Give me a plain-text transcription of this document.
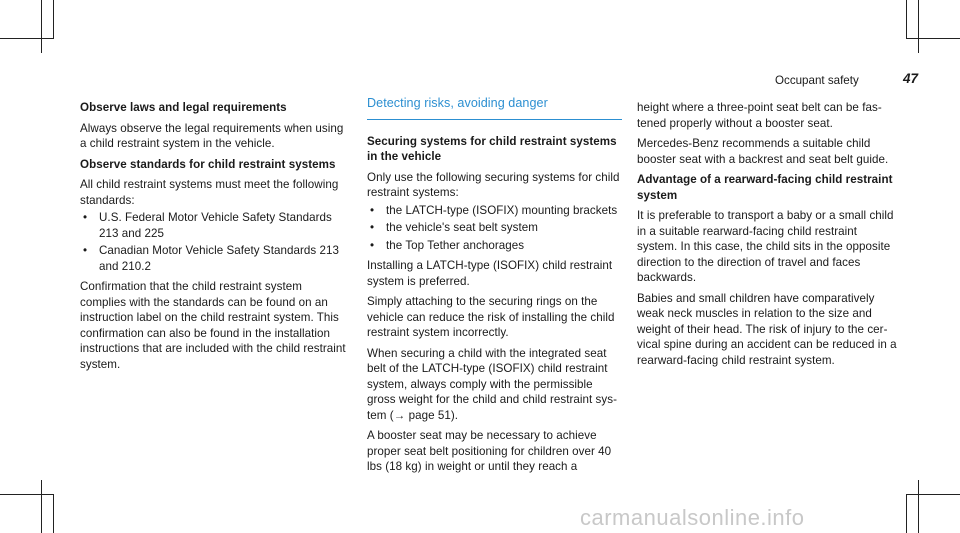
Occupant safety	47

Observe laws and legal requirements

Always observe the legal requirements when using a child restraint system in the vehicle.

Observe standards for child restraint systems

All child restraint systems must meet the following standards:

• U.S. Federal Motor Vehicle Safety Standards 213 and 225
• Canadian Motor Vehicle Safety Standards 213 and 210.2

Confirmation that the child restraint system complies with the standards can be found on an instruction label on the child restraint system. This confirmation can also be found in the installation instructions that are included with the child restraint system.

Detecting risks, avoiding danger

Securing systems for child restraint systems in the vehicle

Only use the following securing systems for child restraint systems:

• the LATCH-type (ISOFIX) mounting brackets
• the vehicle's seat belt system
• the Top Tether anchorages

Installing a LATCH-type (ISOFIX) child restraint system is preferred.

Simply attaching to the securing rings on the vehicle can reduce the risk of installing the child restraint system incorrectly.

When securing a child with the integrated seat belt of the LATCH-type (ISOFIX) child restraint system, always comply with the permissible gross weight for the child and child restraint system (→ page 51).

A booster seat may be necessary to achieve proper seat belt positioning for children over 40 lbs (18 kg) in weight or until they reach a

height where a three-point seat belt can be fastened properly without a booster seat.

Mercedes-Benz recommends a suitable child booster seat with a backrest and seat belt guide.

Advantage of a rearward-facing child restraint system

It is preferable to transport a baby or a small child in a suitable rearward-facing child restraint system. In this case, the child sits in the opposite direction to the direction of travel and faces backwards.

Babies and small children have comparatively weak neck muscles in relation to the size and weight of their head. The risk of injury to the cervical spine during an accident can be reduced in a rearward-facing child restraint system.

carmanualsonline.info
